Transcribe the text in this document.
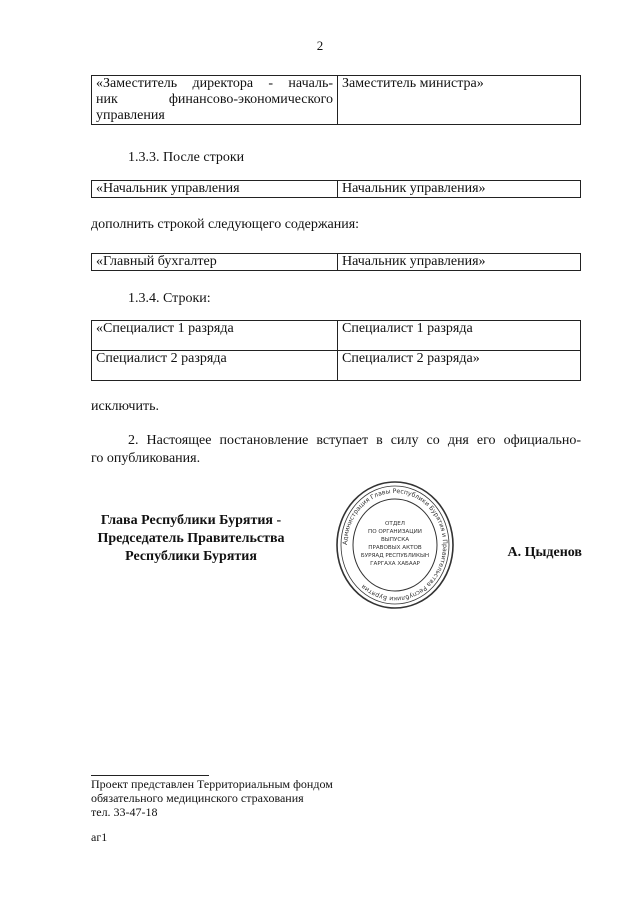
2
«Заместитель директора - началь-
ник финансово-экономического
управления
	Заместитель министра»
1.3.3. После строки
«Начальник управления	Начальник управления»
дополнить строкой следующего содержания:
«Главный бухгалтер	Начальник управления»
1.3.4. Строки:
«Специалист 1 разряда	Специалист 1 разряда
Специалист 2 разряда	Специалист 2 разряда»
исключить.
2. Настоящее постановление вступает в силу со дня его официально-
го опубликования.
Глава Республики Бурятия -
Председатель Правительства
Республики Бурятия
Администрация Главы Республики Бурятия и Правительства Республики Бурятия
ОТДЕЛ
ПО ОРГАНИЗАЦИИ
ВЫПУСКА
ПРАВОВЫХ АКТОВ
БУРЯАД РЕСПУБЛИКЫН
ГАРГАХА ХАБААР
А. Цыденов
Проект представлен Территориальным фондом
обязательного медицинского страхования
тел. 33-47-18
аг1
